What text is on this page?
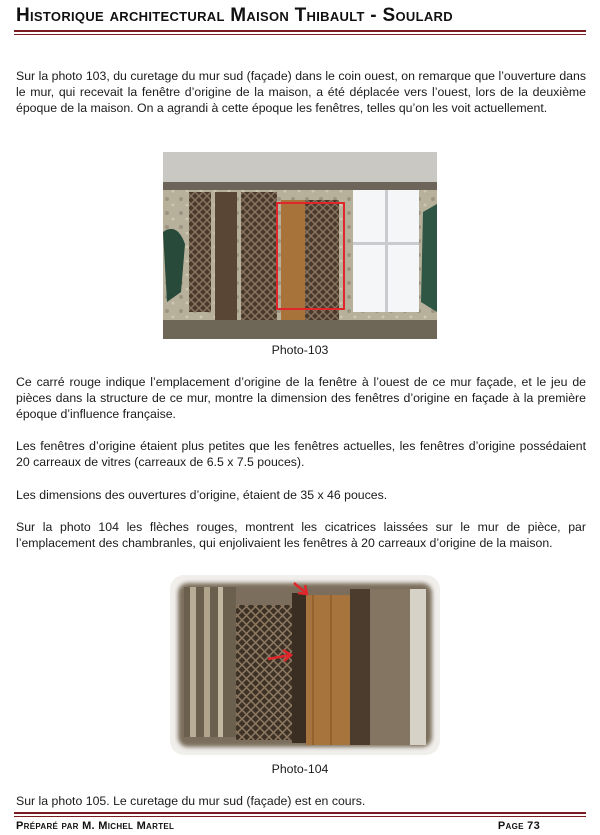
Historique architectural Maison Thibault - Soulard

Sur la photo 103, du curetage du mur sud (façade) dans le coin ouest, on remarque que l’ouverture dans le mur, qui recevait la fenêtre d’origine de la maison, a été déplacée vers l’ouest, lors de la deuxième époque de la maison. On a agrandi à cette époque les fenêtres, telles qu’on les voit actuellement.

Photo-103

Ce carré rouge indique l’emplacement d’origine de la fenêtre à l’ouest de ce mur façade, et le jeu de pièces dans la structure de ce mur, montre la dimension des fenêtres d’origine en façade à la première époque d’influence française.

Les fenêtres d’origine étaient plus petites que les fenêtres actuelles, les fenêtres d’origine possédaient 20 carreaux de vitres (carreaux de 6.5 x 7.5 pouces).

Les dimensions des ouvertures d’origine, étaient de 35 x 46 pouces.

Sur la photo 104 les flèches rouges, montrent les cicatrices laissées sur le mur de pièce, par l’emplacement des chambranles, qui enjolivaient les fenêtres à 20 carreaux d’origine de la maison.

Photo-104

Sur la photo 105. Le curetage du mur sud (façade) est en cours.

Préparé par M. Michel Martel	Page 73
